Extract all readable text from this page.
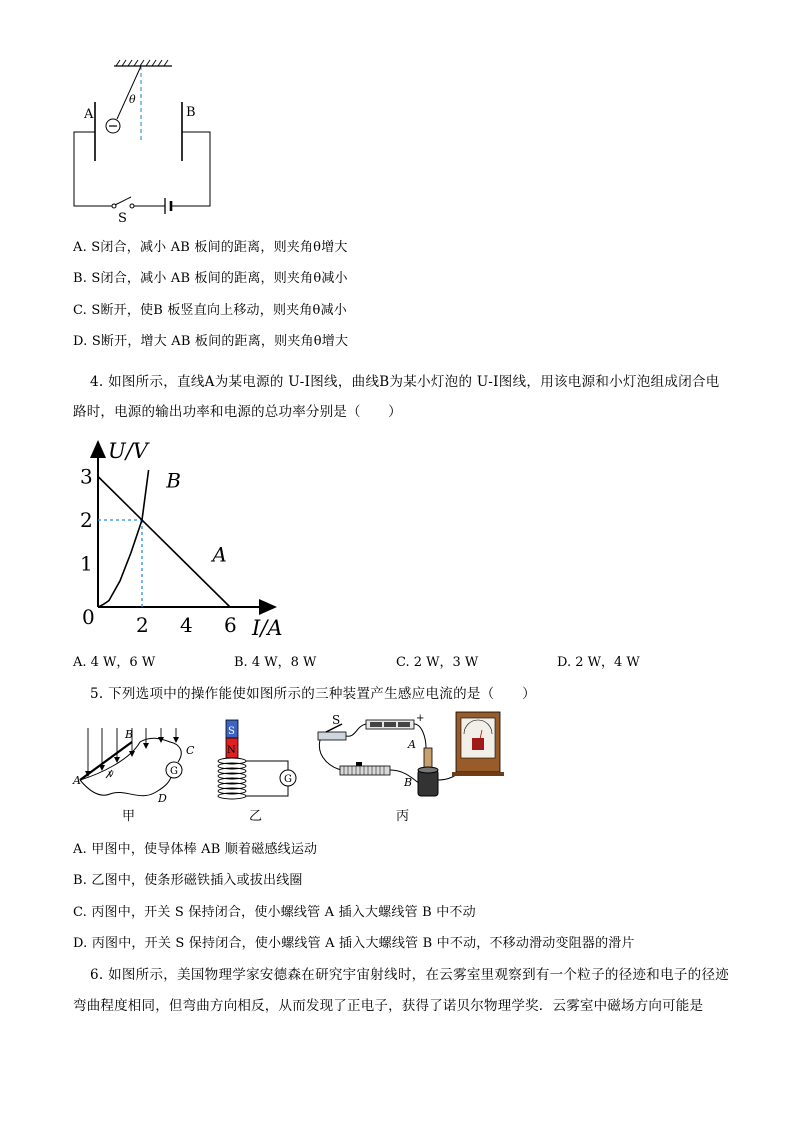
θ
A	B
S
A. S闭合，减小 AB 板间的距离，则夹角θ增大
B. S闭合，减小 AB 板间的距离，则夹角θ减小
C. S断开，使B 板竖直向上移动，则夹角θ减小
D. S断开，增大 AB 板间的距离，则夹角θ增大
4. 如图所示，直线A为某电源的 U-I图线，曲线B为某小灯泡的 U-I图线，用该电源和小灯泡组成闭合电
路时，电源的输出功率和电源的总功率分别是（　　）
A
B
2 4 6
1
2
3
U/V
I/A
0
A. 4 W，6 W	B. 4 W，8 W	C. 2 W，3 W	D. 2 W，4 W
5. 下列选项中的操作能使如图所示的三种装置产生感应电流的是（　　）
G
A
B
C
D
v
甲
S
N
G
乙
S	+
A
B
丙
A. 甲图中，使导体棒 AB 顺着磁感线运动
B. 乙图中，使条形磁铁插入或拔出线圈
C. 丙图中，开关 S 保持闭合，使小螺线管 A 插入大螺线管 B 中不动
D. 丙图中，开关 S 保持闭合，使小螺线管 A 插入大螺线管 B 中不动，不移动滑动变阻器的滑片
6. 如图所示，美国物理学家安德森在研究宇宙射线时，在云雾室里观察到有一个粒子的径迹和电子的径迹
弯曲程度相同，但弯曲方向相反，从而发现了正电子，获得了诺贝尔物理学奖．云雾室中磁场方向可能是
